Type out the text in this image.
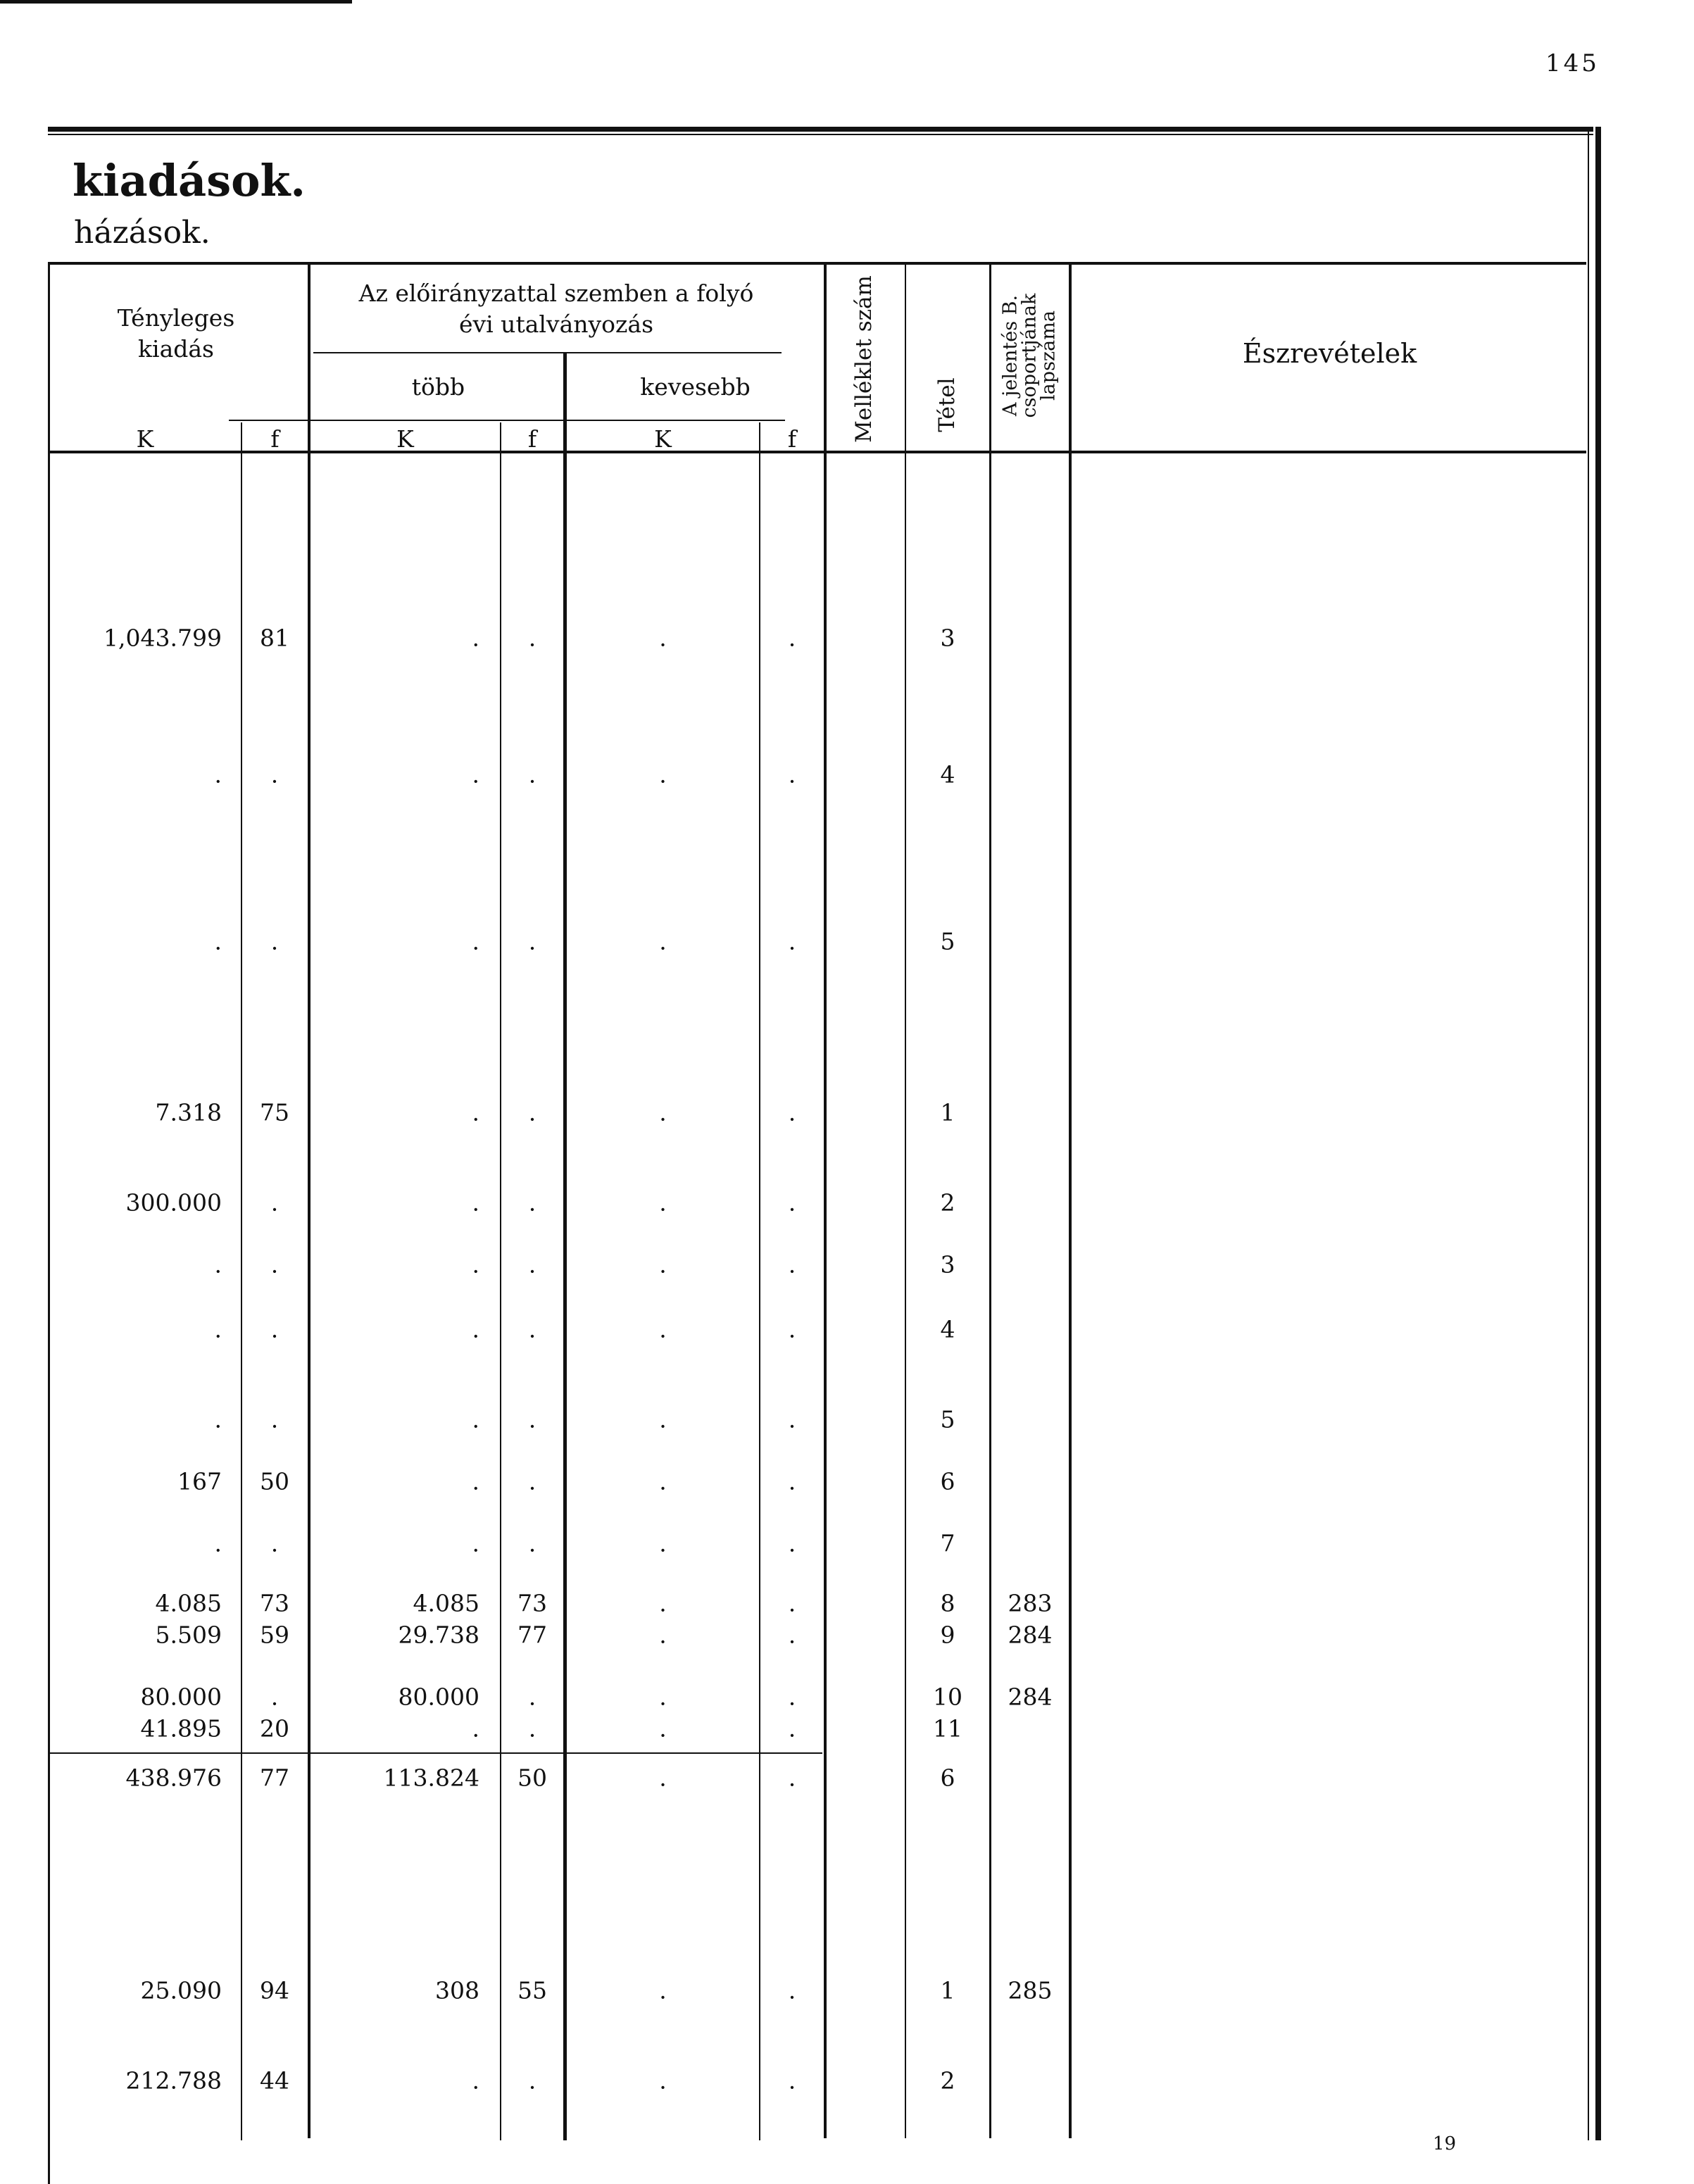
145
kiadások.
házások.
Tényleges kiadás
Az előirányzattal szemben a folyó évi utalványozás
több	kevesebb
Észrevételek
Melléklet szám	Tétel A jelentés B. csoportjának lapszáma
K	f	K	f	K	f
1,043.799	81	.	.	.	.	3
.	.	.	.	.	.	4
.	.	.	.	.	.	5
7.318	75	.	.	.	.	1
300.000	.	.	.	.	.	2
.	.	.	.	.	.	3
.	.	.	.	.	.	4
.	.	.	.	.	.	5
167	50	.	.	.	.	6
.	.	.	.	.	.	7
4.085	73	4.085	73	.	.	8	283
5.509	59	29.738	77	.	.	9	284
80.000	.	80.000	.	.	.	10	284
41.895	20	.	.	.	.	11
438.976	77	113.824	50	.	.	6
25.090	94	308	55	.	.	1	285
212.788	44	.	.	.	.	2
19
